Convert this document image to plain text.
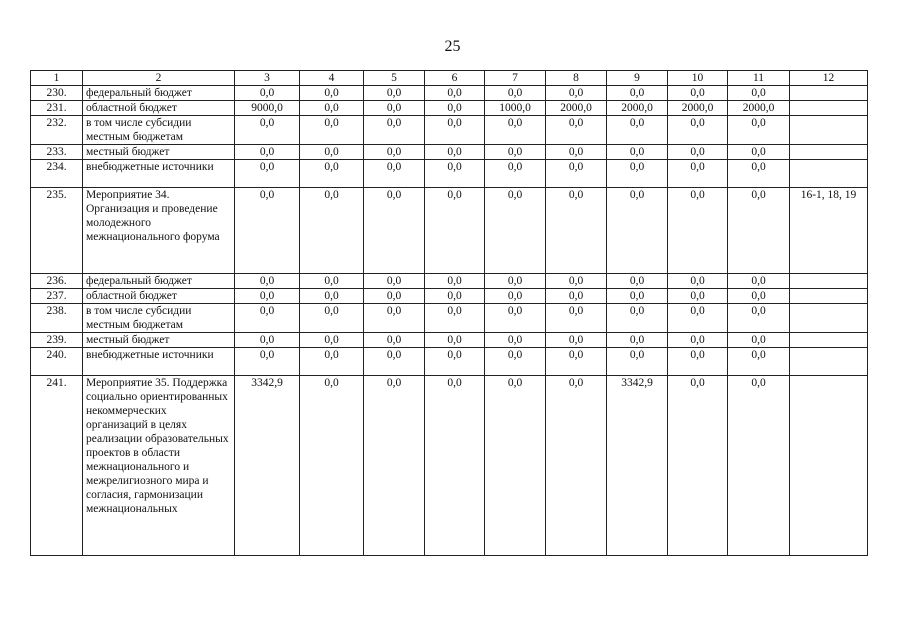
25
1	2	3	4	5	6	7	8	9	10	11	12
230.	федеральный бюджет	0,0	0,0	0,0	0,0	0,0	0,0	0,0	0,0	0,0	
231.	областной бюджет	9000,0	0,0	0,0	0,0	1000,0	2000,0	2000,0	2000,0	2000,0	
232.	в том числе субсидии местным бюджетам	0,0	0,0	0,0	0,0	0,0	0,0	0,0	0,0	0,0	
233.	местный бюджет	0,0	0,0	0,0	0,0	0,0	0,0	0,0	0,0	0,0	
234.	внебюджетные источники	0,0	0,0	0,0	0,0	0,0	0,0	0,0	0,0	0,0	
235.	Мероприятие 34. Организация и проведение молодежного межнационального форума	0,0	0,0	0,0	0,0	0,0	0,0	0,0	0,0	0,0	16-1, 18, 19
236.	федеральный бюджет	0,0	0,0	0,0	0,0	0,0	0,0	0,0	0,0	0,0	
237.	областной бюджет	0,0	0,0	0,0	0,0	0,0	0,0	0,0	0,0	0,0	
238.	в том числе субсидии местным бюджетам	0,0	0,0	0,0	0,0	0,0	0,0	0,0	0,0	0,0	
239.	местный бюджет	0,0	0,0	0,0	0,0	0,0	0,0	0,0	0,0	0,0	
240.	внебюджетные источники	0,0	0,0	0,0	0,0	0,0	0,0	0,0	0,0	0,0	
241.	Мероприятие 35. Поддержка социально ориентированных некоммерческих организаций в целях реализации образовательных проектов в области межнационального и межрелигиозного мира и согласия, гармонизации межнациональных	3342,9	0,0	0,0	0,0	0,0	0,0	3342,9	0,0	0,0	
